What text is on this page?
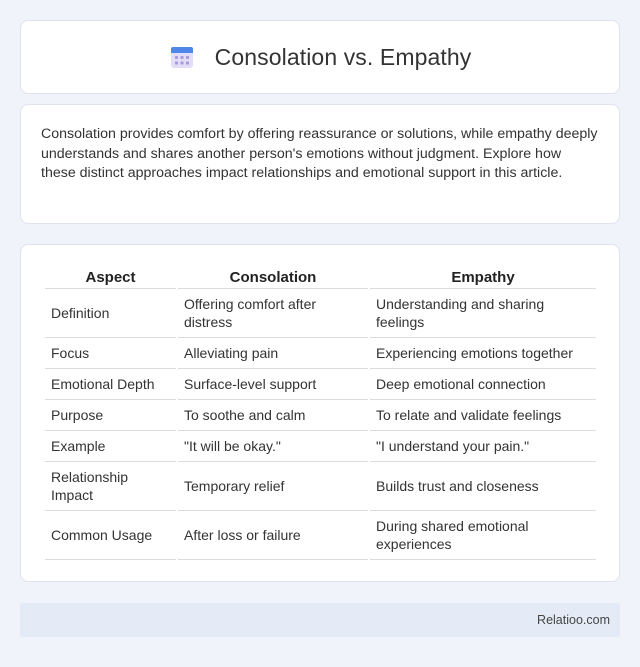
Consolation vs. Empathy

Consolation provides comfort by offering reassurance or solutions, while empathy deeply understands and shares another person's emotions without judgment. Explore how these distinct approaches impact relationships and emotional support in this article.

Aspect	Consolation	Empathy
Definition	Offering comfort after distress	Understanding and sharing feelings
Focus	Alleviating pain	Experiencing emotions together
Emotional Depth	Surface-level support	Deep emotional connection
Purpose	To soothe and calm	To relate and validate feelings
Example	"It will be okay."	"I understand your pain."
Relationship Impact	Temporary relief	Builds trust and closeness
Common Usage	After loss or failure	During shared emotional experiences
Relatioo.com
